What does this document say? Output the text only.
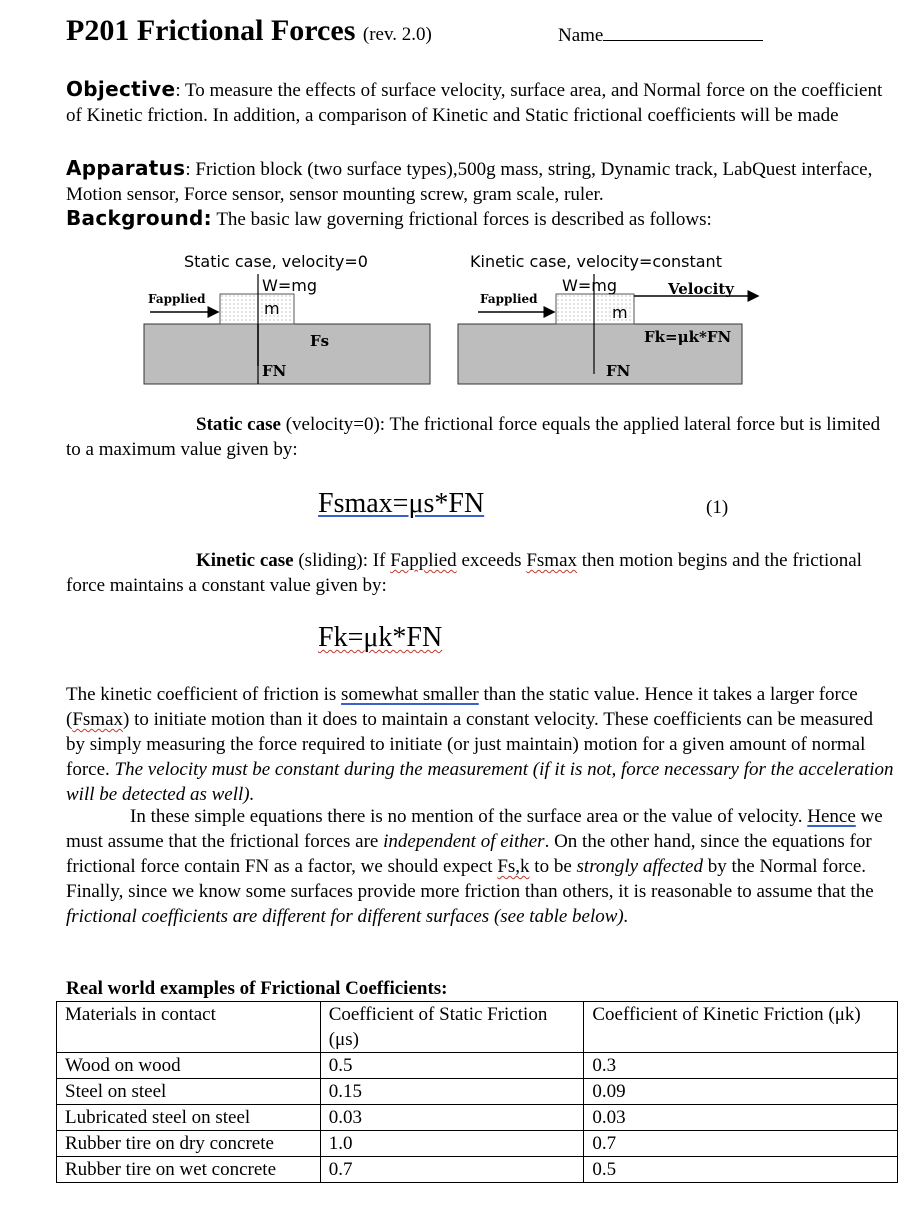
P201 Frictional Forces (rev. 2.0)	Name

Objective: To measure the effects of surface velocity, surface area, and Normal force on the coefficient of Kinetic friction. In addition, a comparison of Kinetic and Static frictional coefficients will be made

Apparatus: Friction block (two surface types),500g mass, string, Dynamic track, LabQuest interface, Motion sensor, Force sensor, sensor mounting screw, gram scale, ruler.

Background: The basic law governing frictional forces is described as follows:

Static case, velocity=0	Kinetic case, velocity=constant
W=mg	W=mg
m	m
Fapplied	Fapplied
Fs
FN	FN
Velocity
Fk=μk*FN

Static case (velocity=0): The frictional force equals the applied lateral force but is limited to a maximum value given by:

Fsmax=μs*FN	(1)

Kinetic case (sliding): If Fapplied exceeds Fsmax then motion begins and the frictional force maintains a constant value given by:

Fk=μk*FN

The kinetic coefficient of friction is somewhat smaller than the static value. Hence it takes a larger force (Fsmax) to initiate motion than it does to maintain a constant velocity. These coefficients can be measured by simply measuring the force required to initiate (or just maintain) motion for a given amount of normal force. The velocity must be constant during the measurement (if it is not, force necessary for the acceleration will be detected as well).

In these simple equations there is no mention of the surface area or the value of velocity. Hence we must assume that the frictional forces are independent of either. On the other hand, since the equations for frictional force contain FN as a factor, we should expect Fs,k to be strongly affected by the Normal force. Finally, since we know some surfaces provide more friction than others, it is reasonable to assume that the frictional coefficients are different for different surfaces (see table below).

Real world examples of Frictional Coefficients:
Materials in contact	Coefficient of Static Friction (μs)	Coefficient of Kinetic Friction (μk)
Wood on wood	0.5	0.3
Steel on steel	0.15	0.09
Lubricated steel on steel	0.03	0.03
Rubber tire on dry concrete	1.0	0.7
Rubber tire on wet concrete	0.7	0.5
